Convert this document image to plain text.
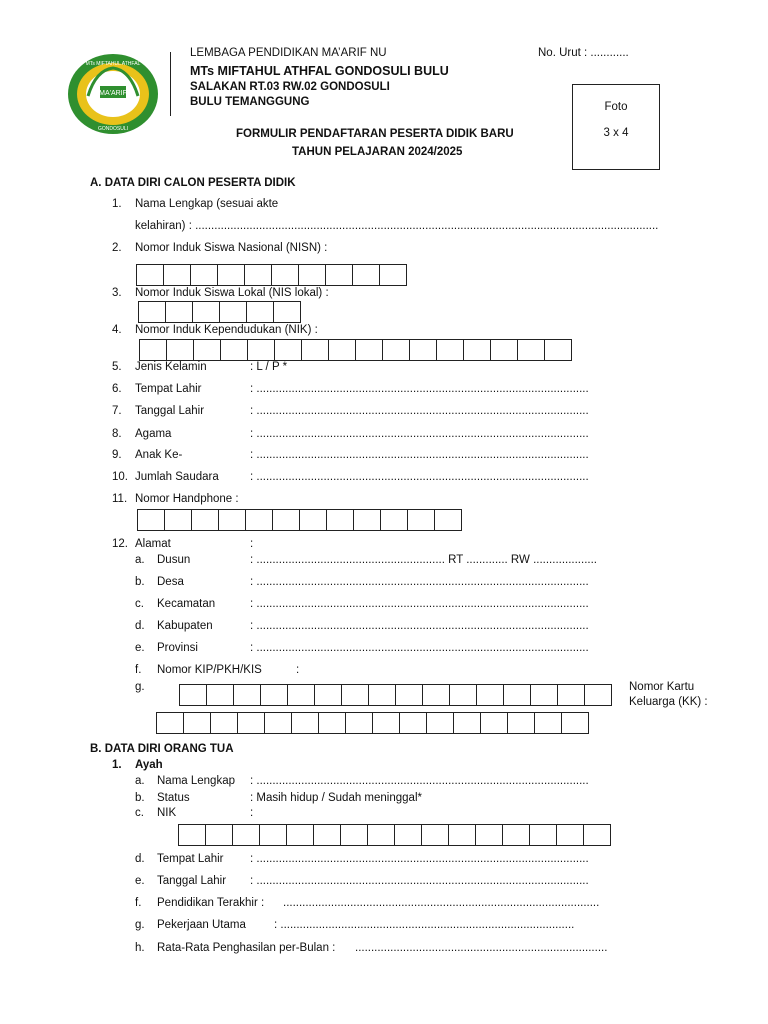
MA'ARIF
MTs MIFTAHUL ATHFAL
GONDOSULI
LEMBAGA PENDIDIKAN MA’ARIF NU
MTs MIFTAHUL ATHFAL GONDOSULI BULU
SALAKAN RT.03 RW.02 GONDOSULI
BULU TEMANGGUNG
No. Urut : ............
FORMULIR PENDAFTARAN PESERTA DIDIK BARU
TAHUN PELAJARAN 2024/2025
Foto
3 x 4
A. DATA DIRI CALON PESERTA DIDIK
1. Nama Lengkap (sesuai akte
kelahiran) : .................................................................................................................................................
2. Nomor Induk Siswa Nasional (NISN) :
3. Nomor Induk Siswa Lokal (NIS lokal) :
4. Nomor Induk Kependudukan (NIK) :
5. Jenis Kelamin	: L / P *
6. Tempat Lahir	: ........................................................................................................
7. Tanggal Lahir	: ........................................................................................................
8. Agama	: ........................................................................................................
9. Anak Ke-	: ........................................................................................................
10. Jumlah Saudara	: ........................................................................................................
11. Nomor Handphone :
12. Alamat	:
a. Dusun	: ........................................................... RT ............. RW ....................
b. Desa	: ........................................................................................................
c. Kecamatan	: ........................................................................................................
d. Kabupaten	: ........................................................................................................
e. Provinsi	: ........................................................................................................
f. Nomor KIP/PKH/KIS	:
g.	Nomor Kartu
Keluarga (KK) :
B. DATA DIRI ORANG TUA
1. Ayah
a. Nama Lengkap : ........................................................................................................
b. Status	: Masih hidup / Sudah meninggal*
c. NIK	:
d. Tempat Lahir : ........................................................................................................
e. Tanggal Lahir : ........................................................................................................
f. Pendidikan Terakhir : ...................................................................................................
g. Pekerjaan Utama : ............................................................................................
h. Rata-Rata Penghasilan per-Bulan : ...............................................................................
